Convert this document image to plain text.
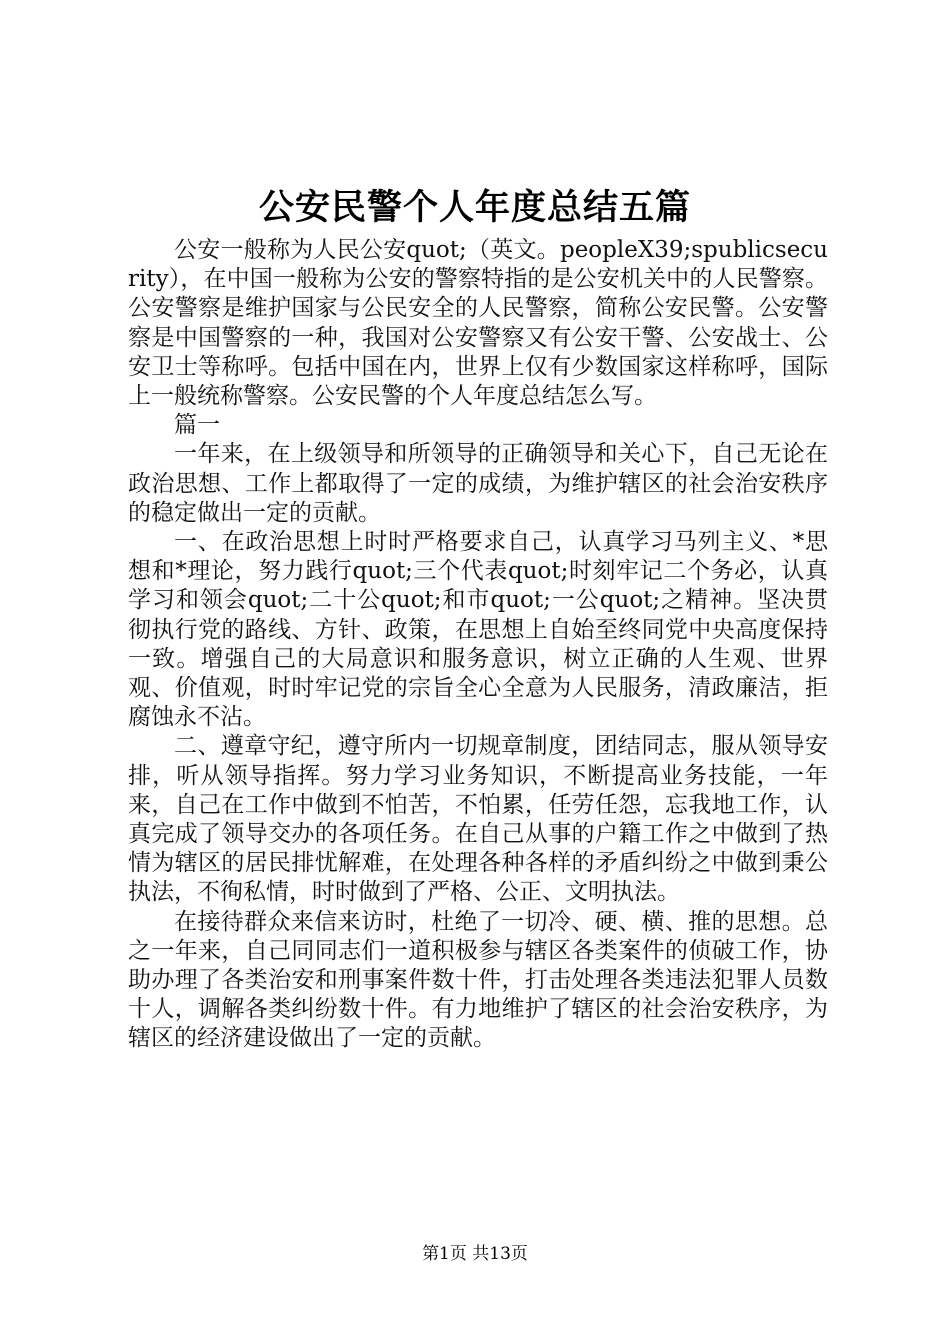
公安民警个人年度总结五篇

公安一般称为人民公安quot;（英文。peopleX39;spublicsecurity），在中国一般称为公安的警察特指的是公安机关中的人民警察。公安警察是维护国家与公民安全的人民警察，简称公安民警。公安警察是中国警察的一种，我国对公安警察又有公安干警、公安战士、公安卫士等称呼。包括中国在内，世界上仅有少数国家这样称呼，国际上一般统称警察。公安民警的个人年度总结怎么写。

篇一

一年来，在上级领导和所领导的正确领导和关心下，自己无论在政治思想、工作上都取得了一定的成绩，为维护辖区的社会治安秩序的稳定做出一定的贡献。

一、在政治思想上时时严格要求自己，认真学习马列主义、*思想和*理论，努力践行quot;三个代表quot;时刻牢记二个务必，认真学习和领会quot;二十公quot;和市quot;一公quot;之精神。坚决贯彻执行党的路线、方针、政策，在思想上自始至终同党中央高度保持一致。增强自己的大局意识和服务意识，树立正确的人生观、世界观、价值观，时时牢记党的宗旨全心全意为人民服务，清政廉洁，拒腐蚀永不沾。

二、遵章守纪，遵守所内一切规章制度，团结同志，服从领导安排，听从领导指挥。努力学习业务知识，不断提高业务技能，一年来，自己在工作中做到不怕苦，不怕累，任劳任怨，忘我地工作，认真完成了领导交办的各项任务。在自己从事的户籍工作之中做到了热情为辖区的居民排忧解难，在处理各种各样的矛盾纠纷之中做到秉公执法，不徇私情，时时做到了严格、公正、文明执法。

在接待群众来信来访时，杜绝了一切冷、硬、横、推的思想。总之一年来，自己同同志们一道积极参与辖区各类案件的侦破工作，协助办理了各类治安和刑事案件数十件，打击处理各类违法犯罪人员数十人，调解各类纠纷数十件。有力地维护了辖区的社会治安秩序，为辖区的经济建设做出了一定的贡献。

第1页 共13页
